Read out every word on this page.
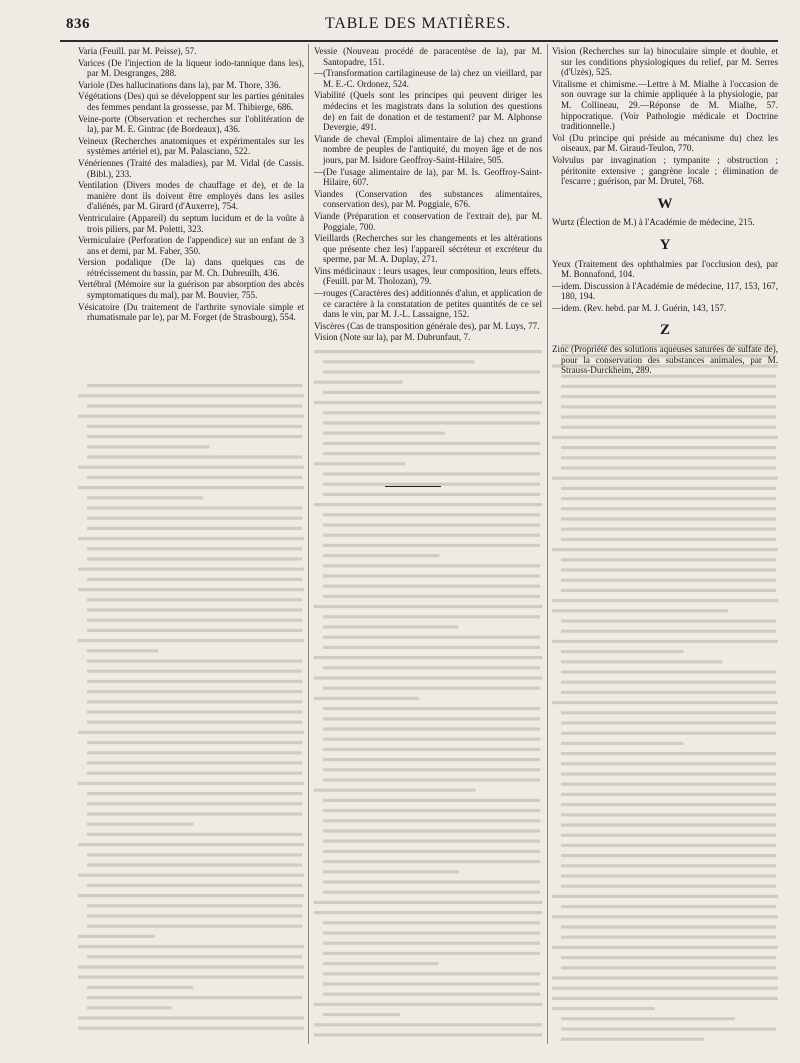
836	TABLE DES MATIÈRES.

Varia (Feuill. par M. Peisse), 57.

Varices (De l'injection de la liqueur iodo-tannique dans les), par M. Desgranges, 288.

Variole (Des hallucinations dans la), par M. Thore, 336.

Végétations (Des) qui se développent sur les parties génitales des femmes pendant la grossesse, par M. Thibierge, 686.

Veine-porte (Observation et recherches sur l'oblitération de la), par M. E. Gintrac (de Bordeaux), 436.

Veineux (Recherches anatomiques et expérimentales sur les systèmes artériel et), par M. Palasciano, 522.

Vénériennes (Traité des maladies), par M. Vidal (de Cassis. (Bibl.), 233.

Ventilation (Divers modes de chauffage et de), et de la manière dont ils doivent être employés dans les asiles d'aliénés, par M. Girard (d'Auxerre), 754.

Ventriculaire (Appareil) du septum lucidum et de la voûte à trois piliers, par M. Poletti, 323.

Vermiculaire (Perforation de l'appendice) sur un enfant de 3 ans et demi, par M. Faber, 350.

Version podalique (De la) dans quelques cas de rétrécissement du bassin, par M. Ch. Dubreuilh, 436.

Vertébral (Mémoire sur la guérison par absorption des abcès symptomatiques du mal), par M. Bouvier, 755.

Vésicatoire (Du traitement de l'arthrite synoviale simple et rhumatismale par le), par M. Forget (de Strasbourg), 554.

Vessie (Nouveau procédé de paracentèse de la), par M. Santopadre, 151.

—(Transformation cartilagineuse de la) chez un vieillard, par M. E.-C. Ordonez, 524.

Viabilité (Quels sont les principes qui peuvent diriger les médecins et les magistrats dans la solution des questions de) en fait de donation et de testament? par M. Alphonse Devergie, 491.

Viande de cheval (Emploi alimentaire de la) chez un grand nombre de peuples de l'antiquité, du moyen âge et de nos jours, par M. Isidore Geoffroy-Saint-Hilaire, 505.

—(De l'usage alimentaire de la), par M. Is. Geoffroy-Saint-Hilaire, 607.

Viandes (Conservation des substances alimentaires, conservation des), par M. Poggiale, 676.

Viande (Préparation et conservation de l'extrait de), par M. Poggiale, 700.

Vieillards (Recherches sur les changements et les altérations que présente chez les) l'appareil sécréteur et excréteur du sperme, par M. A. Duplay, 271.

Vins médicinaux : leurs usages, leur composition, leurs effets. (Feuill. par M. Tholozan), 79.

—rouges (Caractères des) additionnés d'alun, et application de ce caractère à la constatation de petites quantités de ce sel dans le vin, par M. J.-L. Lassaigne, 152.

Viscères (Cas de transposition générale des), par M. Luys, 77.

Vision (Note sur la), par M. Dubrunfaut, 7.

Vision (Recherches sur la) binoculaire simple et double, et sur les conditions physiologiques du relief, par M. Serres (d'Uzès), 525.

Vitalisme et chimisme.—Lettre à M. Mialhe à l'occasion de son ouvrage sur la chimie appliquée à la physiologie, par M. Collineau, 29.—Réponse de M. Mialhe, 57. hippocratique. (Voir Pathologie médicale et Doctrine traditionnelle.)

Vol (Du principe qui préside au mécanisme du) chez les oiseaux, par M. Giraud-Teulon, 770.

Volvulus par invagination ; tympanite ; obstruction ; péritonite extensive ; gangrène locale ; élimination de l'escarre ; guérison, par M. Drutel, 768.

W

Wurtz (Élection de M.) à l'Académie de médecine, 215.

Y

Yeux (Traitement des ophthalmies par l'occlusion des), par M. Bonnafond, 104.

—idem. Discussion à l'Académie de médecine, 117, 153, 167, 180, 194.

—idem. (Rev. hebd. par M. J. Guérin, 143, 157.

Z

Zinc (Propriété des solutions aqueuses saturées de sulfate de), pour la conservation des substances animales, par M. Strauss-Durckheim, 289.
